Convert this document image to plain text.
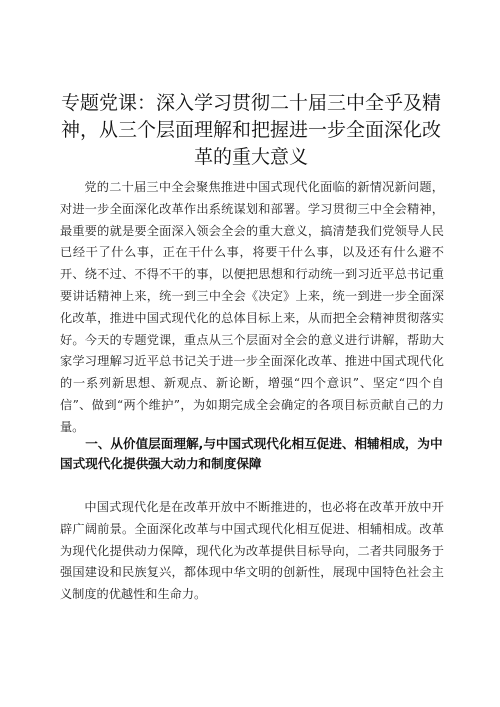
专题党课：深入学习贯彻二十届三中全乎及精神，从三个层面理解和把握进一步全面深化改革的重大意义

党的二十届三中全会聚焦推进中国式现代化面临的新情况新问题，对进一步全面深化改革作出系统谋划和部署。学习贯彻三中全会精神，最重要的就是要全面深入领会全会的重大意义，搞清楚我们党领导人民已经干了什么事，正在干什么事，将要干什么事，以及还有什么避不开、绕不过、不得不干的事，以便把思想和行动统一到习近平总书记重要讲话精神上来，统一到三中全会《决定》上来，统一到进一步全面深化改革，推进中国式现代化的总体目标上来，从而把全会精神贯彻落实好。今天的专题党课，重点从三个层面对全会的意义进行讲解，帮助大家学习理解习近平总书记关于进一步全面深化改革、推进中国式现代化的一系列新思想、新观点、新论断，增强“四个意识”、坚定“四个自信”、做到“两个维护”，为如期完成全会确定的各项目标贡献自己的力量。

一、从价值层面理解,与中国式现代化相互促进、相辅相成，为中国式现代化提供强大动力和制度保障

中国式现代化是在改革开放中不断推进的，也必将在改革开放中开辟广阔前景。全面深化改革与中国式现代化相互促进、相辅相成。改革为现代化提供动力保障，现代化为改革提供目标导向，二者共同服务于强国建设和民族复兴，都体现中华文明的创新性，展现中国特色社会主义制度的优越性和生命力。
